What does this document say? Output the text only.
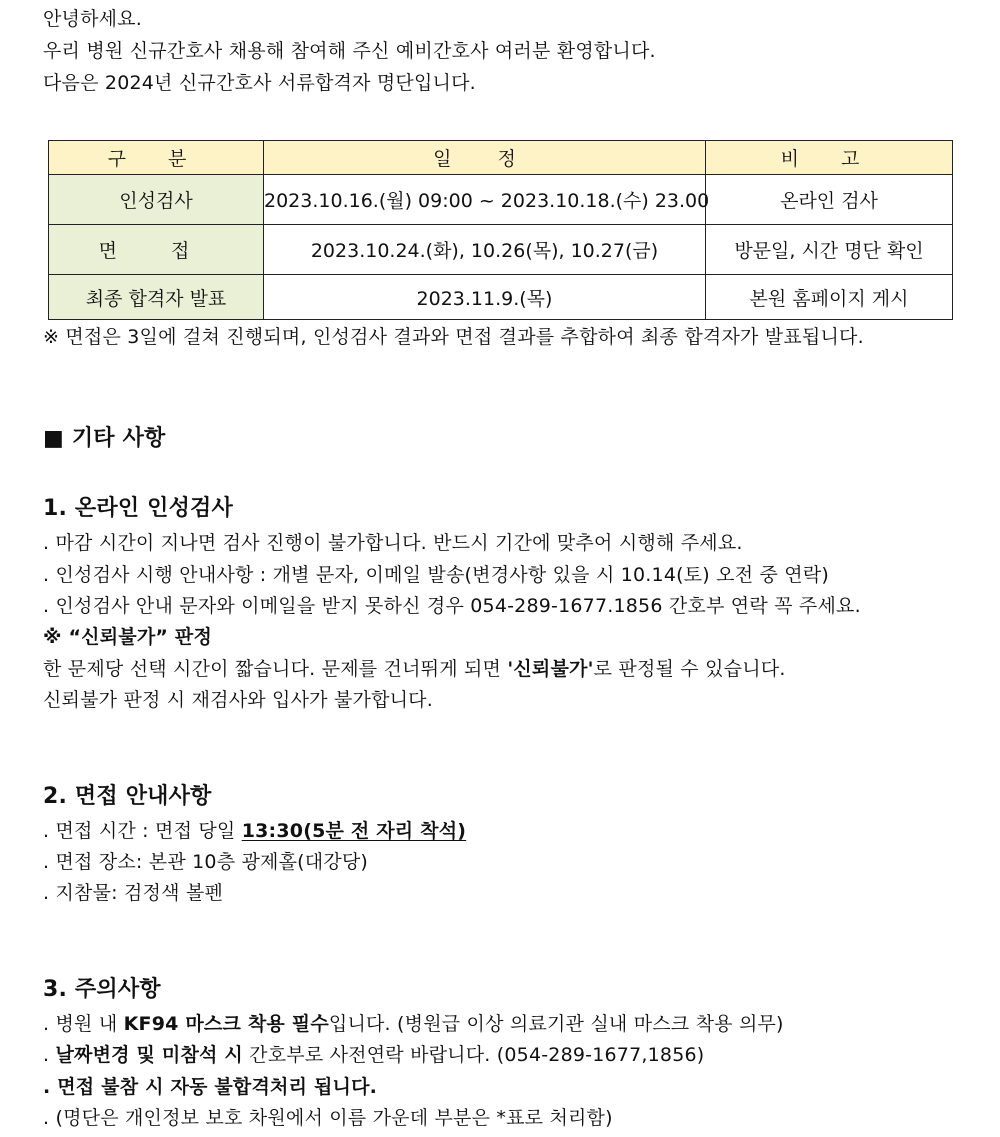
안녕하세요.
우리 병원 신규간호사 채용해 참여해 주신 예비간호사 여러분 환영합니다.
다음은 2024년 신규간호사 서류합격자 명단입니다.
구 분	일 정	비 고
인성검사	2023.10.16.(월) 09:00 ~ 2023.10.18.(수) 23.00	온라인 검사
면 접	2023.10.24.(화), 10.26(목), 10.27(금)	방문일, 시간 명단 확인
최종 합격자 발표	2023.11.9.(목)	본원 홈페이지 게시
※ 면접은 3일에 걸쳐 진행되며, 인성검사 결과와 면접 결과를 추합하여 최종 합격자가 발표됩니다.
■ 기타 사항
1. 온라인 인성검사
. 마감 시간이 지나면 검사 진행이 불가합니다. 반드시 기간에 맞추어 시행해 주세요.
. 인성검사 시행 안내사항 : 개별 문자, 이메일 발송(변경사항 있을 시 10.14(토) 오전 중 연락)
. 인성검사 안내 문자와 이메일을 받지 못하신 경우 054-289-1677.1856 간호부 연락 꼭 주세요.
※ “신뢰불가” 판정
한 문제당 선택 시간이 짧습니다. 문제를 건너뛰게 되면 '신뢰불가'로 판정될 수 있습니다.
신뢰불가 판정 시 재검사와 입사가 불가합니다.
2. 면접 안내사항
. 면접 시간 : 면접 당일 13:30(5분 전 자리 착석)
. 면접 장소: 본관 10층 광제홀(대강당)
. 지참물: 검정색 볼펜
3. 주의사항
. 병원 내 KF94 마스크 착용 필수입니다. (병원급 이상 의료기관 실내 마스크 착용 의무)
. 날짜변경 및 미참석 시 간호부로 사전연락 바랍니다. (054-289-1677,1856)
. 면접 불참 시 자동 불합격처리 됩니다.
. (명단은 개인정보 보호 차원에서 이름 가운데 부분은 *표로 처리함)
